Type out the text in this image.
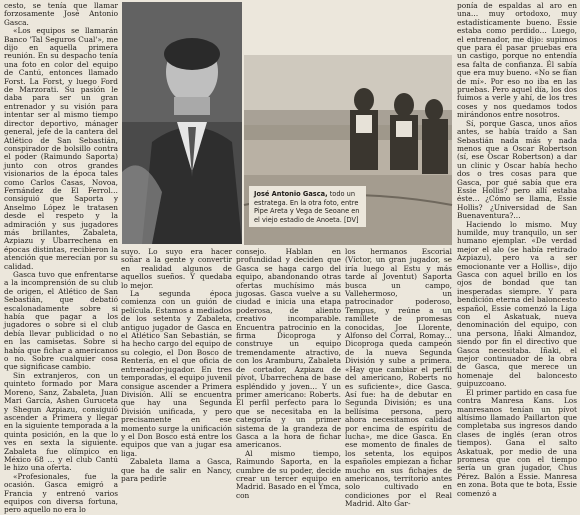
José Antonio Gasca, todo un estratega. En la otra foto, entre Pipe Areta y Vega de Seoane en el viejo estadio de Anoeta. [DV]

cesto, se tenía que llamar forzosamente José Antonio Gasca.

«Los equipos se llamarán Banco 'Tal Seguros Cual'», me dijo en aquella primera reunión. En su despacho tenía una foto en color del equipo de Cantú, entonces llamado Forst. La Forst, y luego Ford de Marzorati. Su pasión le daba para ser un gran entrenador y su visión para intentar ser al mismo tiempo director deportivo, mánager general, jefe de la cantera del Atlético de San Sebastián, conspirador de bolsillo contra el poder (Raimundo Saporta) junto con otros grandes visionarios de la época tales como Carlos Casas, Novoa, Fernández de El Ferrol… consiguió que Saporta y Anselmo López le tratasen desde el respeto y la admiración y sus jugadores más brillantes, Zabaleta, Azpiazu y Ubarrechena en épocas distintas, recibieron la atención que merecían por su calidad.

Gasca tuvo que enfrentarse a la incomprensión de su club de origen, el Atlético de San Sebastián, que debatió escalonadamente sobre si había que pagar a los jugadores o sobre si el club debía llevar publicidad o no en las camisetas. Sobre si había que fichar a americanos o no. Sobre cualquier cosa que significase cambio.

Sin extranjeros, con un quinteto formado por Mara Moreno, Sanz, Zabaleta, Juan Mari García, Ashen Guruceta y Shegun Azpiazu, consiguió ascender a Primera y llegar en la siguiente temporada a la quinta posición, en la que lo ves en sexta la siguiente. Zabaleta fue olímpico en México 68 … y el club Cantú le hizo una oferta.

«Profesionales, fue la ocasión. Gasca emigró a Francia y entrenó varios equipos con diversa fortuna, pero aquello no era lo

suyo. Lo suyo era hacer soñar a la gente y convertir en realidad algunos de aquellos sueños. Y quedaba lo mejor.

La segunda época comienza con un guión de película. Estamos a mediados de los setenta y Zabaleta, antiguo jugador de Gasca en el Atlético San Sebastián, se ha hecho cargo del equipo de su colegio, el Don Bosco de Rentería, en el que oficia de entrenador-jugador. En tres temporadas, el equipo juvenil consigue ascender a Primera División. Allí se encuentra que hay una Segunda División unificada, y pero precisamente en ese momento surge la unificación y el Don Bosco está entre los equipos que van a jugar esa liga.

Zabaleta llama a Gasca, que ha de salir en Nancy, para pedirle

consejo. Hablan en profundidad y deciden que Gasca se haga cargo del equipo, abandonando otras ofertas muchísimo más jugosas. Gasca vuelve a su ciudad e inicia una etapa poderosa, de aliento creativo incomparable. Encuentra patrocinio en la firma Dicoproga y construye un equipo tremendamente atractivo, con los Aramburu, Zabaleta de cortador, Azpiazu de pívot, Ubarrechena de base espléndido y joven… Y un primer americano: Roberts. El perfil perfecto para lo que se necesitaba en la categoría y un primer sistema de la grandeza de Gasca a la hora de fichar americanos.

Al mismo tiempo, Raimundo Saporta, en la cumbre de su poder, decide crear un tercer equipo en Madrid. Basado en el Ymca, con

los hermanos Escorial (Víctor, un gran jugador, se iría luego al Estu y más tarde al Joventut) Saporta busca un campo, Vallehermoso, un patrocinador poderoso, Tempus, y reúne a un ramillete de promesas conocidas, Joe Llorente, Alfonso del Corral, Romay… Dicoproga queda campeón de la nueva Segunda División y sube a primera. «Hay que cambiar el perfil del americano, Roberts no es suficiente», dice Gasca. Así fue: ha de debutar en Segunda División; es una bellísima persona, pero ahora necesitamos calidad por encima de espíritu de lucha», me dice Gasca. En ese momento de finales de los setenta, los equipos españoles empiezan a fichar mucho en sus fichajes de americanos, territorio antes solo cultivado en condiciones por el Real Madrid. Alto Gar-

ponía de espaldas al aro en una… muy ortodoxo, muy estadísticamente bueno. Essie estaba como perdido… Luego, el entrenador, me dijo: supimos que para él pasar pruebas era un castigo, porque no entendía esa falta de confianza. Él sabía que era muy bueno. «No se fían de mí». Por eso no iba en las pruebas. Pero aquel día, los dos fuimos a verle y ahí, de los tres coses y nos quedamos todos mirándonos entre nosotros.

Sí, porque Gasca, unos años antes, se había traído a San Sebastián nada más y nada menos que a Oscar Robertson (sí, ese Oscar Robertson) a dar un clinic y Oscar había hecho dos o tres cosas para que Gasca, por qué sabía que era Essie Hollis? pero allí estaba éste… ¿Cómo se llama, Essie Hollis? ¿Universidad de San Buenaventura?…

Haciendo lo mismo. Muy humilde, muy tranquilo, un ser humano ejemplar. «De verdad mejor el alo (se había retirado Azpiazu), pero va a ser emocionante ver a Hollis», dijo Gasca con aquel brillo en los ojos de bondad que tan inesperadas siempre. Y para bendición eterna del baloncesto español, Essie comenzó la Liga con el Askatuak, nueva denominación del equipo, con una persona, Iñaki Almandoz, siendo por fin el directivo que Gasca necesitaba. Iñaki, el mejor continuador de la obra de Gasca, que merece un homenaje del baloncesto guipuzcoano.

El primer partido en casa fue contra Manresa Kans. Los manresanos tenían un pívot altísimo llamado Paillarton que completaba sus ingresos dando clases de inglés (eran otros tiempos). Gana el salto Askatuak, por medio de una promesa que con el tiempo sería un gran jugador, Chus Pérez. Balón a Essie. Manresa en zona. Bota que te bota, Essie comenzó a
